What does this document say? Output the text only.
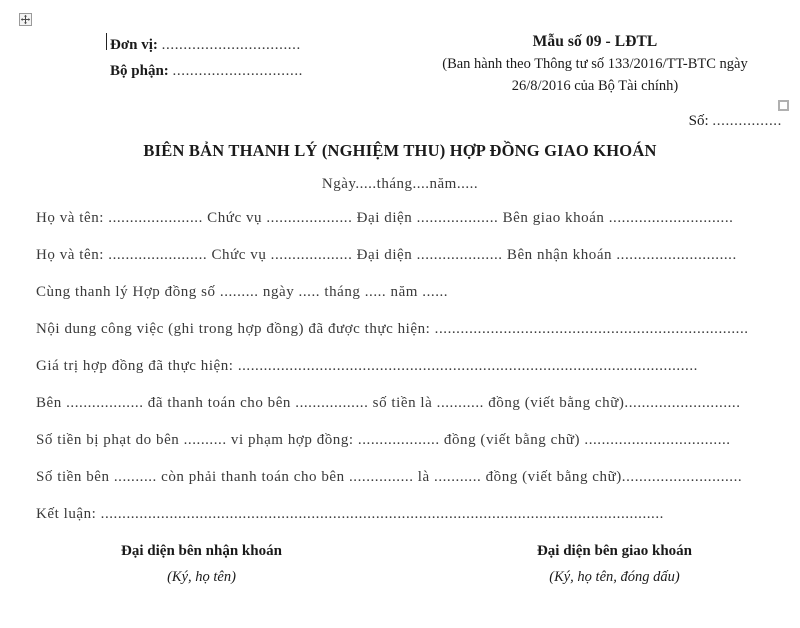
Đơn vị: ................................
Bộ phận: ..............................
Mẫu số 09 - LĐTL
(Ban hành theo Thông tư số 133/2016/TT-BTC ngày
26/8/2016 của Bộ Tài chính)
Số: ................
BIÊN BẢN THANH LÝ (NGHIỆM THU) HỢP ĐỒNG GIAO KHOÁN
Ngày.....tháng....năm.....
Họ và tên: ...................... Chức vụ .................... Đại diện ................... Bên giao khoán .............................
Họ và tên: ....................... Chức vụ ................... Đại diện .................... Bên nhận khoán ............................
Cùng thanh lý Hợp đồng số ......... ngày ..... tháng ..... năm ......
Nội dung công việc (ghi trong hợp đồng) đã được thực hiện: .........................................................................
Giá trị hợp đồng đã thực hiện: ...........................................................................................................
Bên .................. đã thanh toán cho bên ................. số tiền là ........... đồng (viết bằng chữ)...........................
Số tiền bị phạt do bên .......... vi phạm hợp đồng: ................... đồng (viết bằng chữ) ..................................
Số tiền bên .......... còn phải thanh toán cho bên ............... là ........... đồng (viết bằng chữ)............................
Kết luận: ...................................................................................................................................
Đại diện bên nhận khoán
(Ký, họ tên)
Đại diện bên giao khoán
(Ký, họ tên, đóng dấu)
